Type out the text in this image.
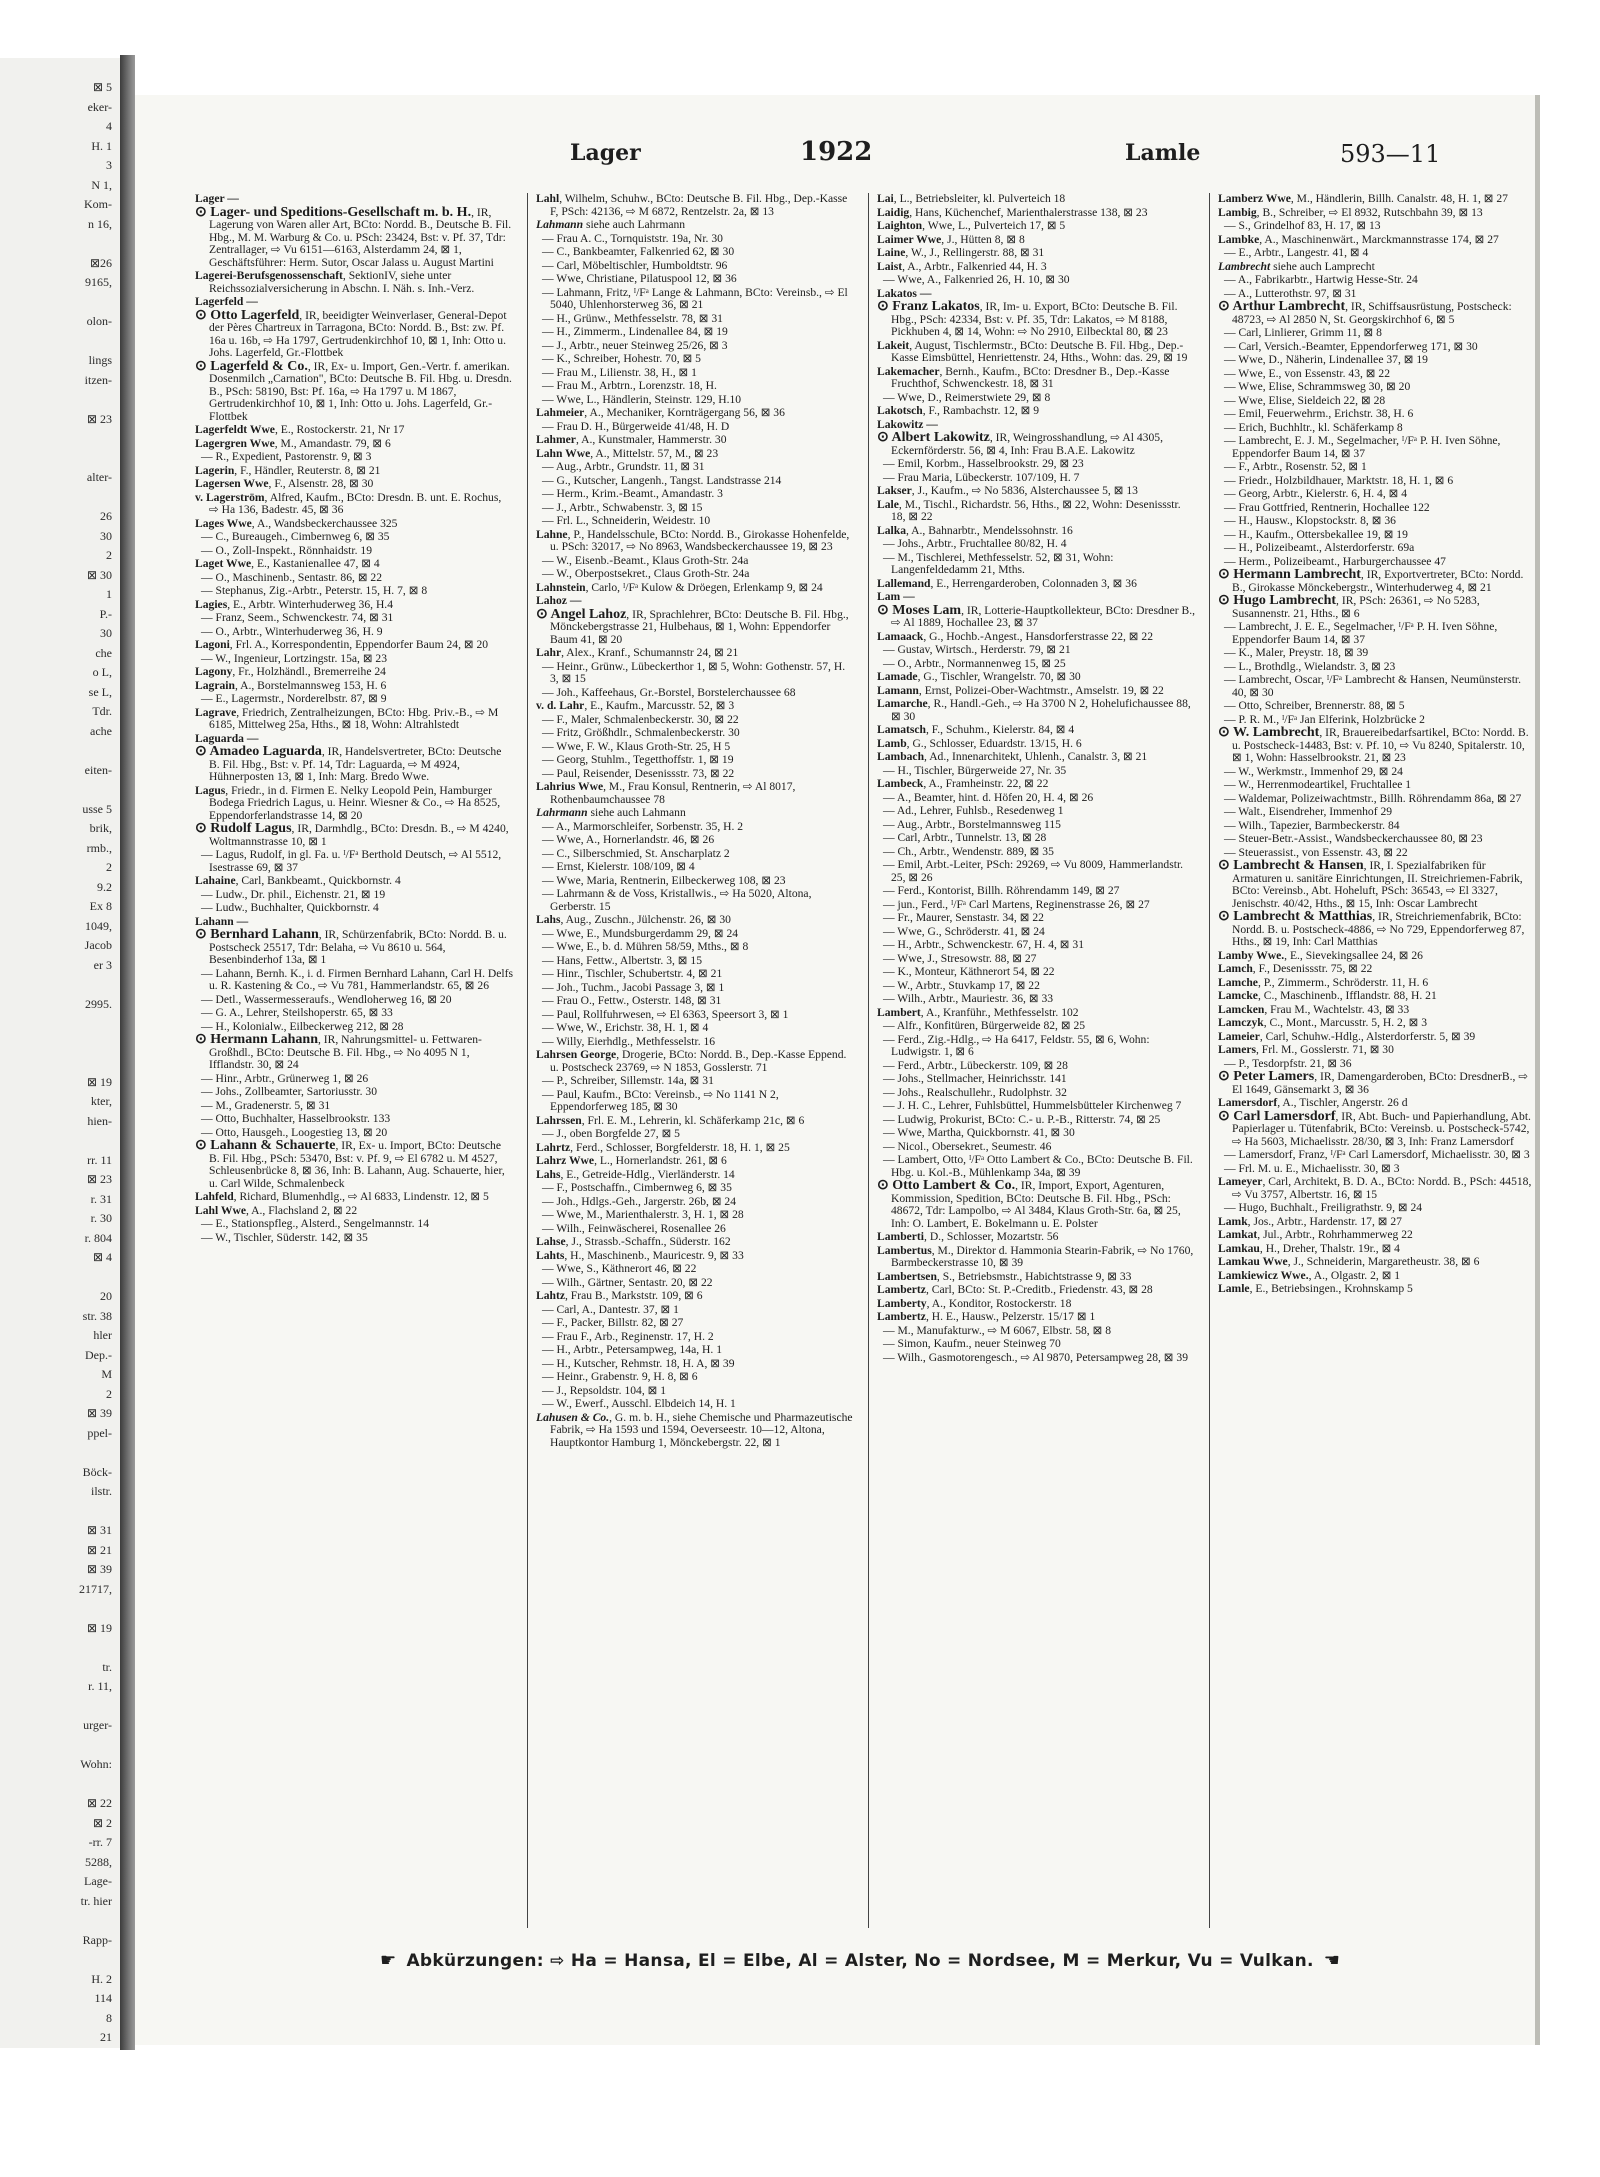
⊠ 5
eker-
4
H. 1
3
N 1,
Kom-
n 16,
⊠26
9165,
olon-
lings
itzen-
⊠ 23
alter-
26
30
2
⊠ 30
1
P.-
30
che
o L,
se L,
Tdr.
ache
eiten-
usse 5
brik,
rmb.,
2
9.2
Ex 8
1049,
Jacob
er 3
2995.
⊠ 19
kter,
hien-
rr. 11
⊠ 23
r. 31
r. 30
r. 804
⊠ 4
20
str. 38
hler
Dep.-
M
2
⊠ 39
ppel-
Böck-
ilstr.
⊠ 31
⊠ 21
⊠ 39
21717,
⊠ 19
tr.
r. 11,
urger-
Wohn:
⊠ 22
⊠ 2
-rr. 7
5288,
Lage-
tr. hier
Rapp-
H. 2
114
8
21
Lager	1922	Lamle	593—11
Lager —
⊙ Lager- und Speditions-Gesellschaft m. b. H., IR, Lagerung von Waren aller Art, BCto: Nordd. B., Deutsche B. Fil. Hbg., M. M. Warburg & Co. u. PSch: 23424, Bst: v. Pf. 37, Tdr: Zentrallager, ⇨ Vu 6151—6163, Alsterdamm 24, ⊠ 1, Geschäftsführer: Herm. Sutor, Oscar Jalass u. August Martini
Lagerei-Berufsgenossenschaft, SektionIV, siehe unter Reichssozialversicherung in Abschn. I. Näh. s. Inh.-Verz.
Lagerfeld —
⊙ Otto Lagerfeld, IR, beeidigter Weinverlaser, General-Depot der Pères Chartreux in Tarragona, BCto: Nordd. B., Bst: zw. Pf. 16a u. 16b, ⇨ Ha 1797, Gertrudenkirchhof 10, ⊠ 1, Inh: Otto u. Johs. Lagerfeld, Gr.-Flottbek
⊙ Lagerfeld & Co., IR, Ex- u. Import, Gen.-Vertr. f. amerikan. Dosenmilch „Carnation", BCto: Deutsche B. Fil. Hbg. u. Dresdn. B., PSch: 58190, Bst: Pf. 16a, ⇨ Ha 1797 u. M 1867, Gertrudenkirchhof 10, ⊠ 1, Inh: Otto u. Johs. Lagerfeld, Gr.-Flottbek
Lagerfeldt Wwe, E., Rostockerstr. 21, Nr 17
Lagergren Wwe, M., Amandastr. 79, ⊠ 6
— R., Expedient, Pastorenstr. 9, ⊠ 3
Lagerin, F., Händler, Reuterstr. 8, ⊠ 21
Lagersen Wwe, F., Alsenstr. 28, ⊠ 30
v. Lagerström, Alfred, Kaufm., BCto: Dresdn. B. unt. E. Rochus, ⇨ Ha 136, Badestr. 45, ⊠ 36
Lages Wwe, A., Wandsbeckerchaussee 325
— C., Bureaugeh., Cimbernweg 6, ⊠ 35
— O., Zoll-Inspekt., Rönnhaidstr. 19
Laget Wwe, E., Kastanienallee 47, ⊠ 4
— O., Maschinenb., Sentastr. 86, ⊠ 22
— Stephanus, Zig.-Arbtr., Peterstr. 15, H. 7, ⊠ 8
Lagies, E., Arbtr. Winterhuderweg 36, H.4
— Franz, Seem., Schwenckestr. 74, ⊠ 31
— O., Arbtr., Winterhuderweg 36, H. 9
Lagoni, Frl. A., Korrespondentin, Eppendorfer Baum 24, ⊠ 20
— W., Ingenieur, Lortzingstr. 15a, ⊠ 23
Lagony, Fr., Holzhändl., Bremerreihe 24
Lagrain, A., Borstelmannsweg 153, H. 6
— E., Lagermstr., Norderelbstr. 87, ⊠ 9
Lagrave, Friedrich, Zentralheizungen, BCto: Hbg. Priv.-B., ⇨ M 6185, Mittelweg 25a, Hths., ⊠ 18, Wohn: Altrahlstedt
Laguarda —
⊙ Amadeo Laguarda, IR, Handelsvertreter, BCto: Deutsche B. Fil. Hbg., Bst: v. Pf. 14, Tdr: Laguarda, ⇨ M 4924, Hühnerposten 13, ⊠ 1, Inh: Marg. Bredo Wwe.
Lagus, Friedr., in d. Firmen E. Nelky Leopold Pein, Hamburger Bodega Friedrich Lagus, u. Heinr. Wiesner & Co., ⇨ Ha 8525, Eppendorferlandstrasse 14, ⊠ 20
⊙ Rudolf Lagus, IR, Darmhdlg., BCto: Dresdn. B., ⇨ M 4240, Woltmannstrasse 10, ⊠ 1
— Lagus, Rudolf, in gl. Fa. u. ᴵ/Fᵃ Berthold Deutsch, ⇨ Al 5512, Isestrasse 69, ⊠ 37
Lahaine, Carl, Bankbeamt., Quickbornstr. 4
— Ludw., Dr. phil., Eichenstr. 21, ⊠ 19
— Ludw., Buchhalter, Quickbornstr. 4
Lahann —
⊙ Bernhard Lahann, IR, Schürzenfabrik, BCto: Nordd. B. u. Postscheck 25517, Tdr: Belaha, ⇨ Vu 8610 u. 564, Besenbinderhof 13a, ⊠ 1
— Lahann, Bernh. K., i. d. Firmen Bernhard Lahann, Carl H. Delfs u. R. Kastening & Co., ⇨ Vu 781, Hammerlandstr. 65, ⊠ 26
— Detl., Wassermesseraufs., Wendloherweg 16, ⊠ 20
— G. A., Lehrer, Steilshoperstr. 65, ⊠ 33
— H., Kolonialw., Eilbeckerweg 212, ⊠ 28
⊙ Hermann Lahann, IR, Nahrungsmittel- u. Fettwaren-Großhdl., BCto: Deutsche B. Fil. Hbg., ⇨ No 4095 N 1, Ifflandstr. 30, ⊠ 24
— Hinr., Arbtr., Grünerweg 1, ⊠ 26
— Johs., Zollbeamter, Sartoriusstr. 30
— M., Gradenerstr. 5, ⊠ 31
— Otto, Buchhalter, Hasselbrookstr. 133
— Otto, Hausgeh., Loogestieg 13, ⊠ 20
⊙ Lahann & Schauerte, IR, Ex- u. Import, BCto: Deutsche B. Fil. Hbg., PSch: 53470, Bst: v. Pf. 9, ⇨ El 6782 u. M 4527, Schleusenbrücke 8, ⊠ 36, Inh: B. Lahann, Aug. Schauerte, hier, u. Carl Wilde, Schmalenbeck
Lahfeld, Richard, Blumenhdlg., ⇨ Al 6833, Lindenstr. 12, ⊠ 5
Lahl Wwe, A., Flachsland 2, ⊠ 22
— E., Stationspfleg., Alsterd., Sengelmannstr. 14
— W., Tischler, Süderstr. 142, ⊠ 35
Lahl, Wilhelm, Schuhw., BCto: Deutsche B. Fil. Hbg., Dep.-Kasse F, PSch: 42136, ⇨ M 6872, Rentzelstr. 2a, ⊠ 13
Lahmann siehe auch Lahrmann
— Frau A. C., Tornquiststr. 19a, Nr. 30
— C., Bankbeamter, Falkenried 62, ⊠ 30
— Carl, Möbeltischler, Humboldtstr. 96
— Wwe, Christiane, Pilatuspool 12, ⊠ 36
— Lahmann, Fritz, ᴵ/Fᵃ Lange & Lahmann, BCto: Vereinsb., ⇨ El 5040, Uhlenhorsterweg 36, ⊠ 21
— H., Grünw., Methfesselstr. 78, ⊠ 31
— H., Zimmerm., Lindenallee 84, ⊠ 19
— J., Arbtr., neuer Steinweg 25/26, ⊠ 3
— K., Schreiber, Hohestr. 70, ⊠ 5
— Frau M., Lilienstr. 38, H., ⊠ 1
— Frau M., Arbtrn., Lorenzstr. 18, H.
— Wwe, L., Händlerin, Steinstr. 129, H.10
Lahmeier, A., Mechaniker, Kornträgergang 56, ⊠ 36
— Frau D. H., Bürgerweide 41/48, H. D
Lahmer, A., Kunstmaler, Hammerstr. 30
Lahn Wwe, A., Mittelstr. 57, M., ⊠ 23
— Aug., Arbtr., Grundstr. 11, ⊠ 31
— G., Kutscher, Langenh., Tangst. Landstrasse 214
— Herm., Krim.-Beamt., Amandastr. 3
— J., Arbtr., Schwabenstr. 3, ⊠ 15
— Frl. L., Schneiderin, Weidestr. 10
Lahne, P., Handelsschule, BCto: Nordd. B., Girokasse Hohenfelde, u. PSch: 32017, ⇨ No 8963, Wandsbeckerchaussee 19, ⊠ 23
— W., Eisenb.-Beamt., Klaus Groth-Str. 24a
— W., Oberpostsekret., Claus Groth-Str. 24a
Lahnstein, Carlo, ᴵ/Fᵃ Kulow & Dröegen, Erlenkamp 9, ⊠ 24
Lahoz —
⊙ Angel Lahoz, IR, Sprachlehrer, BCto: Deutsche B. Fil. Hbg., Mönckebergstrasse 21, Hulbehaus, ⊠ 1, Wohn: Eppendorfer Baum 41, ⊠ 20
Lahr, Alex., Kranf., Schumannstr 24, ⊠ 21
— Heinr., Grünw., Lübeckerthor 1, ⊠ 5, Wohn: Gothenstr. 57, H. 3, ⊠ 15
— Joh., Kaffeehaus, Gr.-Borstel, Borstelerchaussee 68
v. d. Lahr, E., Kaufm., Marcusstr. 52, ⊠ 3
— F., Maler, Schmalenbeckerstr. 30, ⊠ 22
— Fritz, Größhdlr., Schmalenbeckerstr. 30
— Wwe, F. W., Klaus Groth-Str. 25, H 5
— Georg, Stuhlm., Tegetthoffstr. 1, ⊠ 19
— Paul, Reisender, Desenissstr. 73, ⊠ 22
Lahrius Wwe, M., Frau Konsul, Rentnerin, ⇨ Al 8017, Rothenbaumchaussee 78
Lahrmann siehe auch Lahmann
— A., Marmorschleifer, Sorbenstr. 35, H. 2
— Wwe, A., Hornerlandstr. 46, ⊠ 26
— C., Silberschmied, St. Anscharplatz 2
— Ernst, Kielerstr. 108/109, ⊠ 4
— Wwe, Maria, Rentnerin, Eilbeckerweg 108, ⊠ 23
— Lahrmann & de Voss, Kristallwis., ⇨ Ha 5020, Altona, Gerberstr. 15
Lahs, Aug., Zuschn., Jülchenstr. 26, ⊠ 30
— Wwe, E., Mundsburgerdamm 29, ⊠ 24
— Wwe, E., b. d. Mühren 58/59, Mths., ⊠ 8
— Hans, Fettw., Albertstr. 3, ⊠ 15
— Hinr., Tischler, Schubertstr. 4, ⊠ 21
— Joh., Tuchm., Jacobi Passage 3, ⊠ 1
— Frau O., Fettw., Osterstr. 148, ⊠ 31
— Paul, Rollfuhrwesen, ⇨ El 6363, Speersort 3, ⊠ 1
— Wwe, W., Erichstr. 38, H. 1, ⊠ 4
— Willy, Eierhdlg., Methfesselstr. 16
Lahrsen George, Drogerie, BCto: Nordd. B., Dep.-Kasse Eppend. u. Postscheck 23769, ⇨ N 1853, Gosslerstr. 71
— P., Schreiber, Sillemstr. 14a, ⊠ 31
— Paul, Kaufm., BCto: Vereinsb., ⇨ No 1141 N 2, Eppendorferweg 185, ⊠ 30
Lahrssen, Frl. E. M., Lehrerin, kl. Schäferkamp 21c, ⊠ 6
— J., oben Borgfelde 27, ⊠ 5
Lahrtz, Ferd., Schlosser, Borgfelderstr. 18, H. 1, ⊠ 25
Lahrz Wwe, L., Hornerlandstr. 261, ⊠ 6
Lahs, E., Getreide-Hdlg., Vierländerstr. 14
— F., Postschaffn., Cimbernweg 6, ⊠ 35
— Joh., Hdlgs.-Geh., Jargerstr. 26b, ⊠ 24
— Wwe, M., Marienthalerstr. 3, H. 1, ⊠ 28
— Wilh., Feinwäscherei, Rosenallee 26
Lahse, J., Strassb.-Schaffn., Süderstr. 162
Lahts, H., Maschinenb., Mauricestr. 9, ⊠ 33
— Wwe, S., Käthnerort 46, ⊠ 22
— Wilh., Gärtner, Sentastr. 20, ⊠ 22
Lahtz, Frau B., Markststr. 109, ⊠ 6
— Carl, A., Dantestr. 37, ⊠ 1
— F., Packer, Billstr. 82, ⊠ 27
— Frau F., Arb., Reginenstr. 17, H. 2
— H., Arbtr., Petersampweg, 14a, H. 1
— H., Kutscher, Rehmstr. 18, H. A, ⊠ 39
— Heinr., Grabenstr. 9, H. 8, ⊠ 6
— J., Repsoldstr. 104, ⊠ 1
— W., Ewerf., Ausschl. Elbdeich 14, H. 1
Lahusen & Co., G. m. b. H., siehe Chemische und Pharmazeutische Fabrik, ⇨ Ha 1593 und 1594, Oeverseestr. 10—12, Altona, Hauptkontor Hamburg 1, Mönckebergstr. 22, ⊠ 1
Lai, L., Betriebsleiter, kl. Pulverteich 18
Laidig, Hans, Küchenchef, Marienthalerstrasse 138, ⊠ 23
Laighton, Wwe, L., Pulverteich 17, ⊠ 5
Laimer Wwe, J., Hütten 8, ⊠ 8
Laine, W., J., Rellingerstr. 88, ⊠ 31
Laist, A., Arbtr., Falkenried 44, H. 3
— Wwe, A., Falkenried 26, H. 10, ⊠ 30
Lakatos —
⊙ Franz Lakatos, IR, Im- u. Export, BCto: Deutsche B. Fil. Hbg., PSch: 42334, Bst: v. Pf. 35, Tdr: Lakatos, ⇨ M 8188, Pickhuben 4, ⊠ 14, Wohn: ⇨ No 2910, Eilbecktal 80, ⊠ 23
Lakeit, August, Tischlermstr., BCto: Deutsche B. Fil. Hbg., Dep.-Kasse Eimsbüttel, Henriettenstr. 24, Hths., Wohn: das. 29, ⊠ 19
Lakemacher, Bernh., Kaufm., BCto: Dresdner B., Dep.-Kasse Fruchthof, Schwenckestr. 18, ⊠ 31
— Wwe, D., Reimerstwiete 29, ⊠ 8
Lakotsch, F., Rambachstr. 12, ⊠ 9
Lakowitz —
⊙ Albert Lakowitz, IR, Weingrosshandlung, ⇨ Al 4305, Eckernförderstr. 56, ⊠ 4, Inh: Frau B.A.E. Lakowitz
— Emil, Korbm., Hasselbrookstr. 29, ⊠ 23
— Frau Maria, Lübeckerstr. 107/109, H. 7
Lakser, J., Kaufm., ⇨ No 5836, Alsterchaussee 5, ⊠ 13
Lale, M., Tischl., Richardstr. 56, Hths., ⊠ 22, Wohn: Desenissstr. 18, ⊠ 22
Lalka, A., Bahnarbtr., Mendelssohnstr. 16
— Johs., Arbtr., Fruchtallee 80/82, H. 4
— M., Tischlerei, Methfesselstr. 52, ⊠ 31, Wohn: Langenfeldedamm 21, Mths.
Lallemand, E., Herrengarderoben, Colonnaden 3, ⊠ 36
Lam —
⊙ Moses Lam, IR, Lotterie-Hauptkollekteur, BCto: Dresdner B., ⇨ Al 1889, Hochallee 23, ⊠ 37
Lamaack, G., Hochb.-Angest., Hansdorferstrasse 22, ⊠ 22
— Gustav, Wirtsch., Herderstr. 79, ⊠ 21
— O., Arbtr., Normannenweg 15, ⊠ 25
Lamade, G., Tischler, Wrangelstr. 70, ⊠ 30
Lamann, Ernst, Polizei-Ober-Wachtmstr., Amselstr. 19, ⊠ 22
Lamarche, R., Handl.-Geh., ⇨ Ha 3700 N 2, Hohelufichaussee 88, ⊠ 30
Lamatsch, F., Schuhm., Kielerstr. 84, ⊠ 4
Lamb, G., Schlosser, Eduardstr. 13/15, H. 6
Lambach, Ad., Innenarchitekt, Uhlenh., Canalstr. 3, ⊠ 21
— H., Tischler, Bürgerweide 27, Nr. 35
Lambeck, A., Framheinstr. 22, ⊠ 22
— A., Beamter, hint. d. Höfen 20, H. 4, ⊠ 26
— Ad., Lehrer, Fuhlsb., Resedenweg 1
— Aug., Arbtr., Borstelmannsweg 115
— Carl, Arbtr., Tunnelstr. 13, ⊠ 28
— Ch., Arbtr., Wendenstr. 889, ⊠ 35
— Emil, Arbt.-Leiter, PSch: 29269, ⇨ Vu 8009, Hammerlandstr. 25, ⊠ 26
— Ferd., Kontorist, Billh. Röhrendamm 149, ⊠ 27
— jun., Ferd., ᴵ/Fᵃ Carl Martens, Reginenstrasse 26, ⊠ 27
— Fr., Maurer, Senstastr. 34, ⊠ 22
— Wwe, G., Schröderstr. 41, ⊠ 24
— H., Arbtr., Schwenckestr. 67, H. 4, ⊠ 31
— Wwe, J., Stresowstr. 88, ⊠ 27
— K., Monteur, Käthnerort 54, ⊠ 22
— W., Arbtr., Stuvkamp 17, ⊠ 22
— Wilh., Arbtr., Mauriestr. 36, ⊠ 33
Lambert, A., Kranführ., Methfesselstr. 102
— Alfr., Konfitüren, Bürgerweide 82, ⊠ 25
— Ferd., Zig.-Hdlg., ⇨ Ha 6417, Feldstr. 55, ⊠ 6, Wohn: Ludwigstr. 1, ⊠ 6
— Ferd., Arbtr., Lübeckerstr. 109, ⊠ 28
— Johs., Stellmacher, Heinrichsstr. 141
— Johs., Realschullehr., Rudolphstr. 32
— J. H. C., Lehrer, Fuhlsbüttel, Hummelsbütteler Kirchenweg 7
— Ludwig, Prokurist, BCto: C.- u. P.-B., Ritterstr. 74, ⊠ 25
— Wwe, Martha, Quickbornstr. 41, ⊠ 30
— Nicol., Obersekret., Seumestr. 46
— Lambert, Otto, ᴵ/Fᵃ Otto Lambert & Co., BCto: Deutsche B. Fil. Hbg. u. Kol.-B., Mühlenkamp 34a, ⊠ 39
⊙ Otto Lambert & Co., IR, Import, Export, Agenturen, Kommission, Spedition, BCto: Deutsche B. Fil. Hbg., PSch: 48672, Tdr: Lampolbo, ⇨ Al 3484, Klaus Groth-Str. 6a, ⊠ 25, Inh: O. Lambert, E. Bokelmann u. E. Polster
Lamberti, D., Schlosser, Mozartstr. 56
Lambertus, M., Direktor d. Hammonia Stearin-Fabrik, ⇨ No 1760, Barmbeckerstrasse 10, ⊠ 39
Lambertsen, S., Betriebsmstr., Habichtstrasse 9, ⊠ 33
Lambertz, Carl, BCto: St. P.-Creditb., Friedenstr. 43, ⊠ 28
Lamberty, A., Konditor, Rostockerstr. 18
Lambertz, H. E., Hausw., Pelzerstr. 15/17 ⊠ 1
— M., Manufakturw., ⇨ M 6067, Elbstr. 58, ⊠ 8
— Simon, Kaufm., neuer Steinweg 70
— Wilh., Gasmotorengesch., ⇨ Al 9870, Petersampweg 28, ⊠ 39
Lamberz Wwe, M., Händlerin, Billh. Canalstr. 48, H. 1, ⊠ 27
Lambig, B., Schreiber, ⇨ El 8932, Rutschbahn 39, ⊠ 13
— S., Grindelhof 83, H. 17, ⊠ 13
Lambke, A., Maschinenwärt., Marckmannstrasse 174, ⊠ 27
— E., Arbtr., Langestr. 41, ⊠ 4
Lambrecht siehe auch Lamprecht
— A., Fabrikarbtr., Hartwig Hesse-Str. 24
— A., Lutterothstr. 97, ⊠ 31
⊙ Arthur Lambrecht, IR, Schiffsausrüstung, Postscheck: 48723, ⇨ Al 2850 N, St. Georgskirchhof 6, ⊠ 5
— Carl, Linlierer, Grimm 11, ⊠ 8
— Carl, Versich.-Beamter, Eppendorferweg 171, ⊠ 30
— Wwe, D., Näherin, Lindenallee 37, ⊠ 19
— Wwe, E., von Essenstr. 43, ⊠ 22
— Wwe, Elise, Schrammsweg 30, ⊠ 20
— Wwe, Elise, Sieldeich 22, ⊠ 28
— Emil, Feuerwehrm., Erichstr. 38, H. 6
— Erich, Buchhltr., kl. Schäferkamp 8
— Lambrecht, E. J. M., Segelmacher, ᴵ/Fᵃ P. H. Iven Söhne, Eppendorfer Baum 14, ⊠ 37
— F., Arbtr., Rosenstr. 52, ⊠ 1
— Friedr., Holzbildhauer, Marktstr. 18, H. 1, ⊠ 6
— Georg, Arbtr., Kielerstr. 6, H. 4, ⊠ 4
— Frau Gottfried, Rentnerin, Hochallee 122
— H., Hausw., Klopstockstr. 8, ⊠ 36
— H., Kaufm., Ottersbekallee 19, ⊠ 19
— H., Polizeibeamt., Alsterdorferstr. 69a
— Herm., Polizeibeamt., Harburgerchaussee 47
⊙ Hermann Lambrecht, IR, Exportvertreter, BCto: Nordd. B., Girokasse Mönckebergstr., Winterhuderweg 4, ⊠ 21
⊙ Hugo Lambrecht, IR, PSch: 26361, ⇨ No 5283, Susannenstr. 21, Hths., ⊠ 6
— Lambrecht, J. E. E., Segelmacher, ᴵ/Fᵃ P. H. Iven Söhne, Eppendorfer Baum 14, ⊠ 37
— K., Maler, Preystr. 18, ⊠ 39
— L., Brothdlg., Wielandstr. 3, ⊠ 23
— Lambrecht, Oscar, ᴵ/Fᵃ Lambrecht & Hansen, Neumünsterstr. 40, ⊠ 30
— Otto, Schreiber, Brennerstr. 88, ⊠ 5
— P. R. M., ᴵ/Fᵃ Jan Elferink, Holzbrücke 2
⊙ W. Lambrecht, IR, Brauereibedarfsartikel, BCto: Nordd. B. u. Postscheck-14483, Bst: v. Pf. 10, ⇨ Vu 8240, Spitalerstr. 10, ⊠ 1, Wohn: Hasselbrookstr. 21, ⊠ 23
— W., Werkmstr., Immenhof 29, ⊠ 24
— W., Herrenmodeartikel, Fruchtallee 1
— Waldemar, Polizeiwachtmstr., Billh. Röhrendamm 86a, ⊠ 27
— Walt., Eisendreher, Immenhof 29
— Wilh., Tapezier, Barmbeckerstr. 84
— Steuer-Betr.-Assist., Wandsbeckerchaussee 80, ⊠ 23
— Steuerassist., von Essenstr. 43, ⊠ 22
⊙ Lambrecht & Hansen, IR, I. Spezialfabriken für Armaturen u. sanitäre Einrichtungen, II. Streichriemen-Fabrik, BCto: Vereinsb., Abt. Hoheluft, PSch: 36543, ⇨ El 3327, Jenischstr. 40/42, Hths., ⊠ 15, Inh: Oscar Lambrecht
⊙ Lambrecht & Matthias, IR, Streichriemenfabrik, BCto: Nordd. B. u. Postscheck-4886, ⇨ No 729, Eppendorferweg 87, Hths., ⊠ 19, Inh: Carl Matthias
Lamby Wwe., E., Sievekingsallee 24, ⊠ 26
Lamch, F., Desenissstr. 75, ⊠ 22
Lamche, P., Zimmerm., Schröderstr. 11, H. 6
Lamcke, C., Maschinenb., Ifflandstr. 88, H. 21
Lamcken, Frau M., Wachtelstr. 43, ⊠ 33
Lamczyk, C., Mont., Marcusstr. 5, H. 2, ⊠ 3
Lameier, Carl, Schuhw.-Hdlg., Alsterdorferstr. 5, ⊠ 39
Lamers, Frl. M., Gosslerstr. 71, ⊠ 30
— P., Tesdorpfstr. 21, ⊠ 36
⊙ Peter Lamers, IR, Damengarderoben, BCto: DresdnerB., ⇨ El 1649, Gänsemarkt 3, ⊠ 36
Lamersdorf, A., Tischler, Angerstr. 26 d
⊙ Carl Lamersdorf, IR, Abt. Buch- und Papierhandlung, Abt. Papierlager u. Tütenfabrik, BCto: Vereinsb. u. Postscheck-5742, ⇨ Ha 5603, Michaelisstr. 28/30, ⊠ 3, Inh: Franz Lamersdorf
— Lamersdorf, Franz, ᴵ/Fᵃ Carl Lamersdorf, Michaelisstr. 30, ⊠ 3
— Frl. M. u. E., Michaelisstr. 30, ⊠ 3
Lameyer, Carl, Architekt, B. D. A., BCto: Nordd. B., PSch: 44518, ⇨ Vu 3757, Albertstr. 16, ⊠ 15
— Hugo, Buchhalt., Freiligrathstr. 9, ⊠ 24
Lamk, Jos., Arbtr., Hardenstr. 17, ⊠ 27
Lamkat, Jul., Arbtr., Rohrhammerweg 22
Lamkau, H., Dreher, Thalstr. 19r., ⊠ 4
Lamkau Wwe, J., Schneiderin, Margaretheustr. 38, ⊠ 6
Lamkiewicz Wwe., A., Olgastr. 2, ⊠ 1
Lamle, E., Betriebsingen., Krohnskamp 5
☛ Abkürzungen: ⇨ Ha = Hansa, El = Elbe, Al = Alster, No = Nordsee, M = Merkur, Vu = Vulkan. ☚
